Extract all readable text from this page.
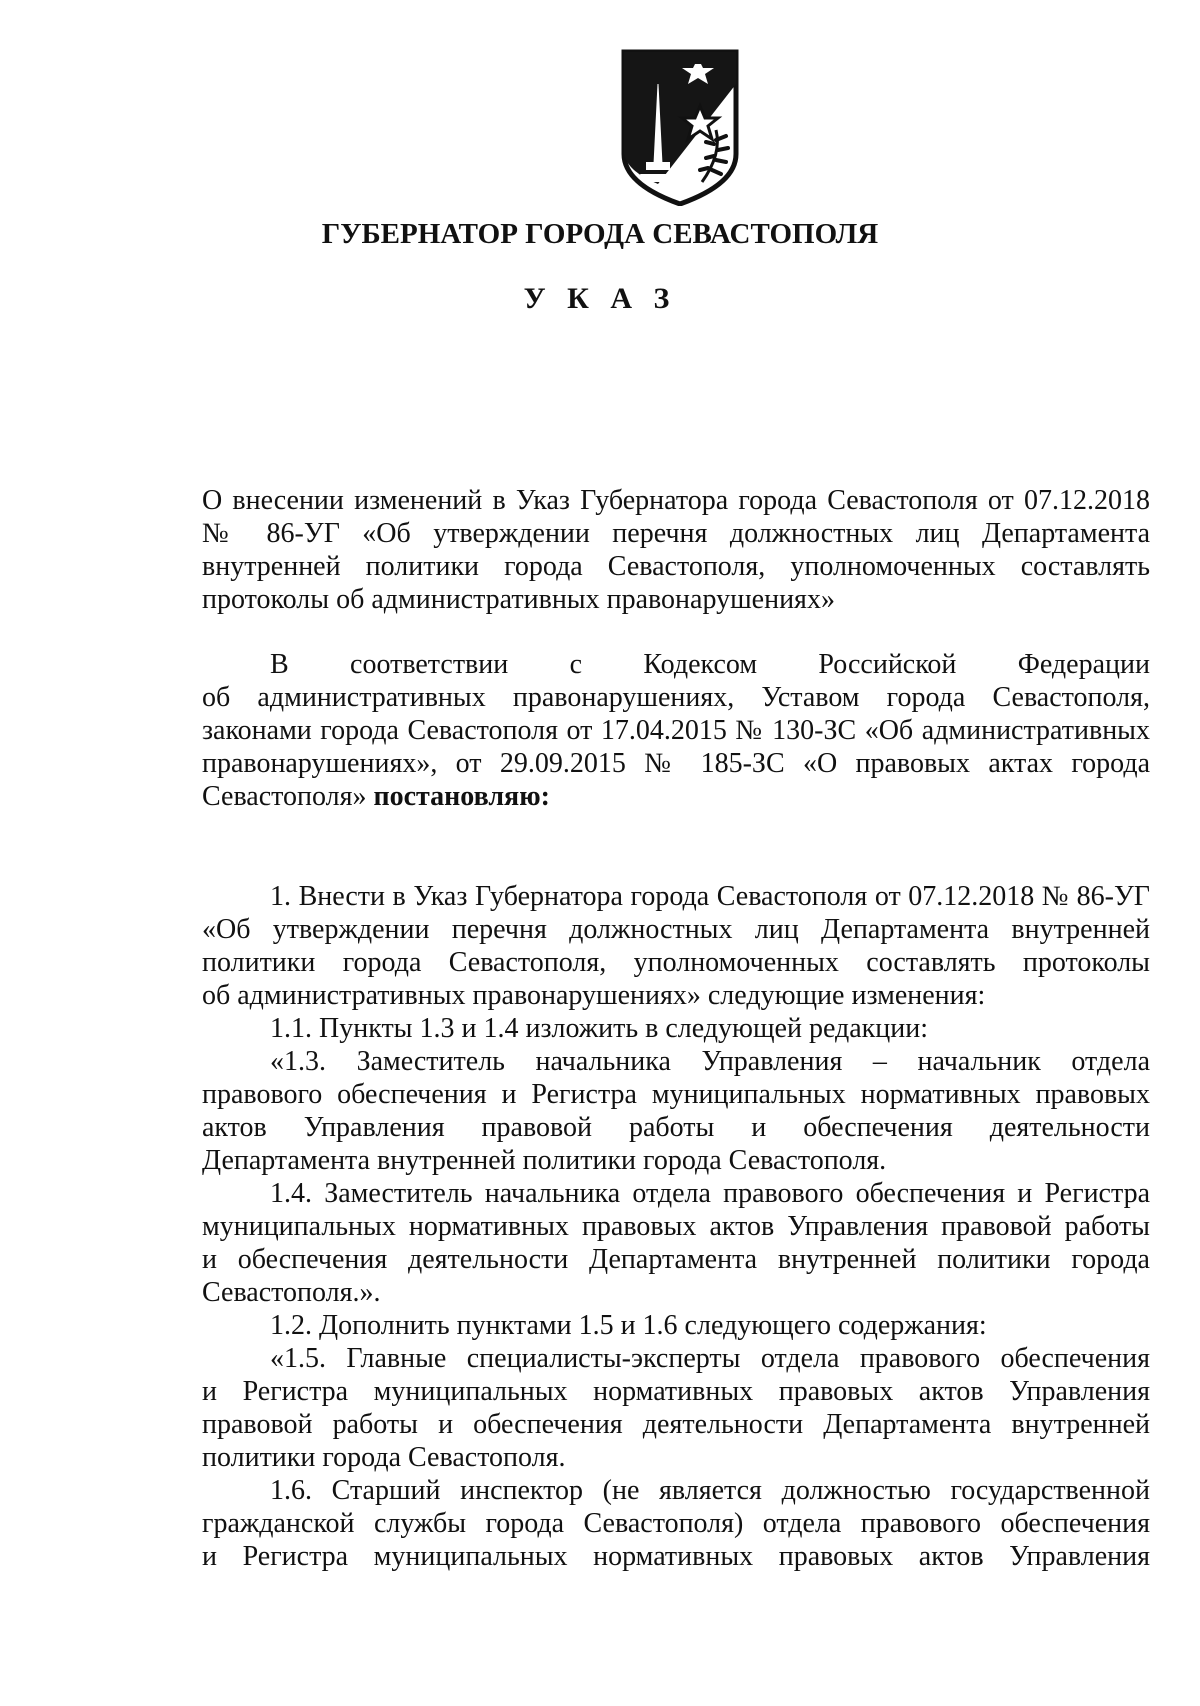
ГУБЕРНАТОР ГОРОДА СЕВАСТОПОЛЯ
У К А З
О внесении изменений в Указ Губернатора города Севастополя от 07.12.2018
№ 86-УГ «Об утверждении перечня должностных лиц Департамента
внутренней политики города Севастополя, уполномоченных составлять
протоколы об административных правонарушениях»
В соответствии с Кодексом Российской Федерации
об административных правонарушениях, Уставом города Севастополя,
законами города Севастополя от 17.04.2015 № 130-ЗС «Об административных
правонарушениях», от 29.09.2015 № 185-ЗС «О правовых актах города
Севастополя» постановляю:
1. Внести в Указ Губернатора города Севастополя от 07.12.2018 № 86-УГ
«Об утверждении перечня должностных лиц Департамента внутренней
политики города Севастополя, уполномоченных составлять протоколы
об административных правонарушениях» следующие изменения:
1.1. Пункты 1.3 и 1.4 изложить в следующей редакции:
«1.3. Заместитель начальника Управления – начальник отдела
правового обеспечения и Регистра муниципальных нормативных правовых
актов Управления правовой работы и обеспечения деятельности
Департамента внутренней политики города Севастополя.
1.4. Заместитель начальника отдела правового обеспечения и Регистра
муниципальных нормативных правовых актов Управления правовой работы
и обеспечения деятельности Департамента внутренней политики города
Севастополя.».
1.2. Дополнить пунктами 1.5 и 1.6 следующего содержания:
«1.5. Главные специалисты-эксперты отдела правового обеспечения
и Регистра муниципальных нормативных правовых актов Управления
правовой работы и обеспечения деятельности Департамента внутренней
политики города Севастополя.
1.6. Старший инспектор (не является должностью государственной
гражданской службы города Севастополя) отдела правового обеспечения
и Регистра муниципальных нормативных правовых актов Управления
